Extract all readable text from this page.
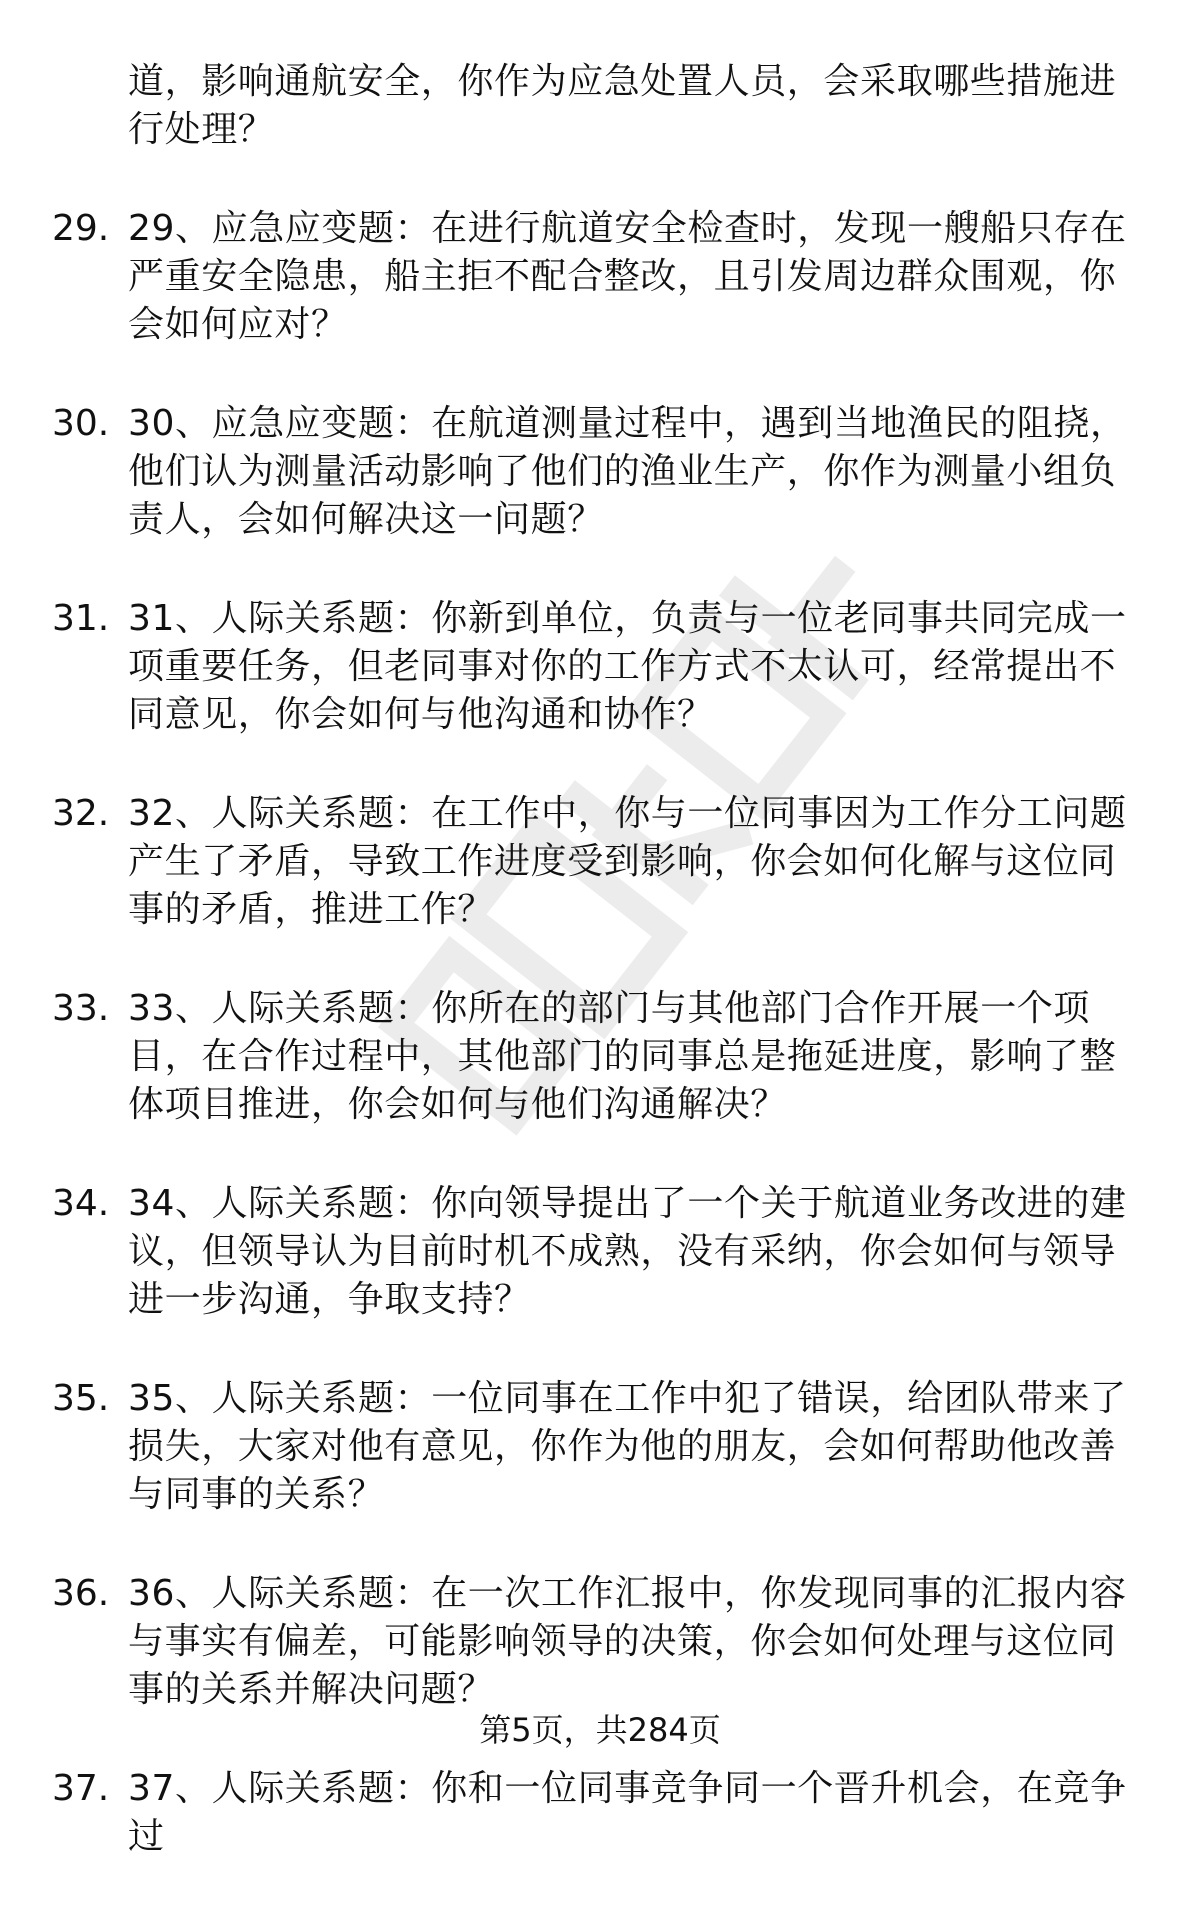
道，影响通航安全，你作为应急处置人员，会采取哪些措施进行处理？
29. 29、应急应变题：在进行航道安全检查时，发现一艘船只存在严重安全隐患，船主拒不配合整改，且引发周边群众围观，你会如何应对？
30. 30、应急应变题：在航道测量过程中，遇到当地渔民的阻挠，他们认为测量活动影响了他们的渔业生产，你作为测量小组负责人，会如何解决这一问题？
31. 31、人际关系题：你新到单位，负责与一位老同事共同完成一项重要任务，但老同事对你的工作方式不太认可，经常提出不同意见，你会如何与他沟通和协作？
32. 32、人际关系题：在工作中，你与一位同事因为工作分工问题产生了矛盾，导致工作进度受到影响，你会如何化解与这位同事的矛盾，推进工作？
33. 33、人际关系题：你所在的部门与其他部门合作开展一个项目，在合作过程中，其他部门的同事总是拖延进度，影响了整体项目推进，你会如何与他们沟通解决？
34. 34、人际关系题：你向领导提出了一个关于航道业务改进的建议，但领导认为目前时机不成熟，没有采纳，你会如何与领导进一步沟通，争取支持？
35. 35、人际关系题：一位同事在工作中犯了错误，给团队带来了损失，大家对他有意见，你作为他的朋友，会如何帮助他改善与同事的关系？
36. 36、人际关系题：在一次工作汇报中，你发现同事的汇报内容与事实有偏差，可能影响领导的决策，你会如何处理与这位同事的关系并解决问题？
37. 37、人际关系题：你和一位同事竞争同一个晋升机会，在竞争过
第5页，共284页
